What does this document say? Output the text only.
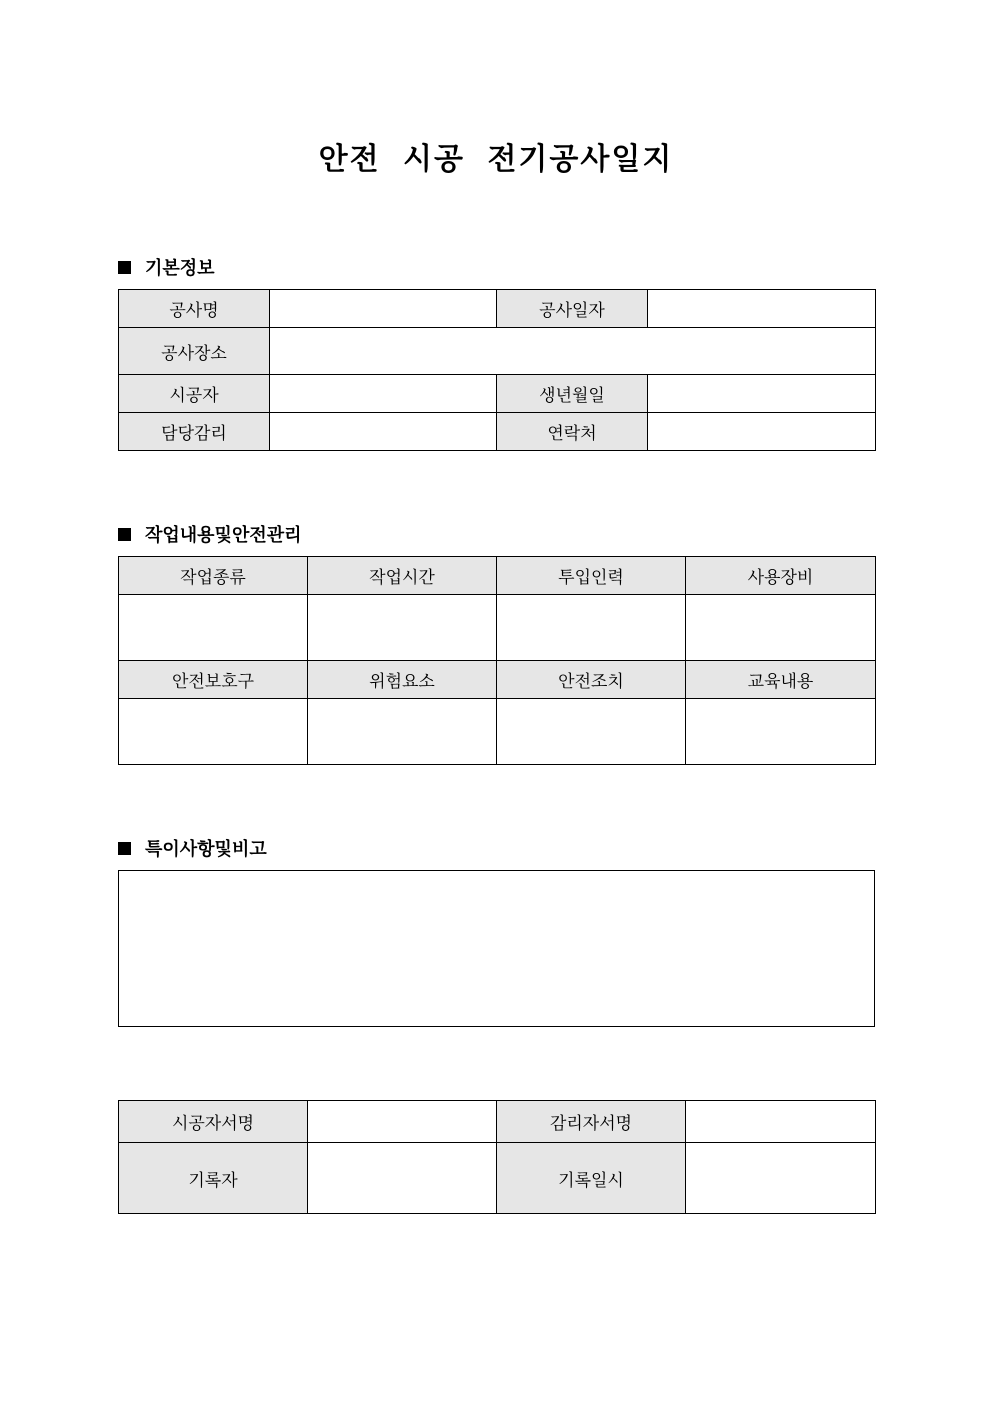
안전 시공 전기공사일지
기본정보
공사명		공사일자	
공사장소			
시공자		생년월일	
담당감리		연락처	
작업내용및안전관리
작업종류	작업시간	투입인력	사용장비

안전보호구	위험요소	안전조치	교육내용

특이사항및비고
시공자서명		감리자서명	
기록자		기록일시	
